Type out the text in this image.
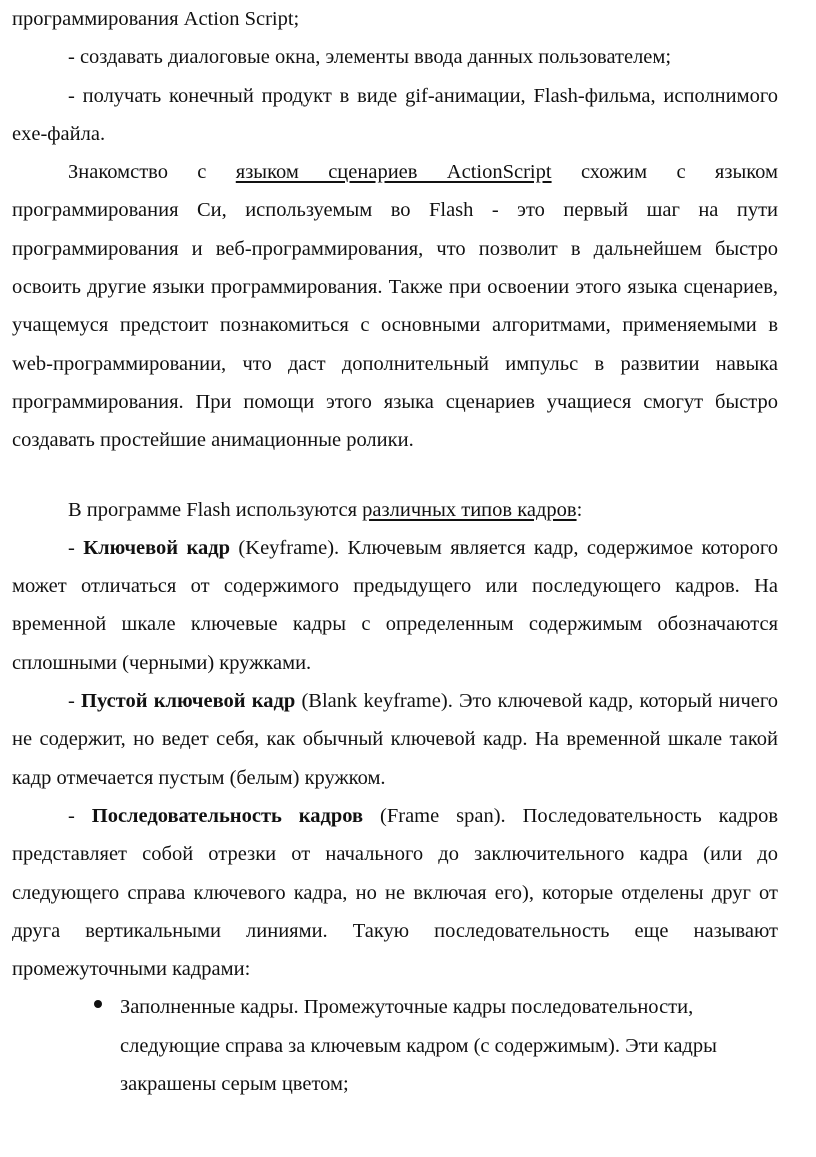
программирования Action Script;

- создавать диалоговые окна, элементы ввода данных пользователем;

- получать конечный продукт в виде gif-анимации, Flash-фильма, исполнимого exe-файла.

Знакомство с языком сценариев ActionScript схожим с языком программирования Си, используемым во Flash - это первый шаг на пути программирования и веб-программирования, что позволит в дальнейшем быстро освоить другие языки программирования. Также при освоении этого языка сценариев, учащемуся предстоит познакомиться с основными алгоритмами, применяемыми в web-программировании, что даст дополнительный импульс в развитии навыка программирования. При помощи этого языка сценариев учащиеся смогут быстро создавать простейшие анимационные ролики.

В программе Flash используются различных типов кадров:

- Ключевой кадр (Keyframe). Ключевым является кадр, содержимое которого может отличаться от содержимого предыдущего или последующего кадров. На временной шкале ключевые кадры с определенным содержимым обозначаются сплошными (черными) кружками.

- Пустой ключевой кадр (Blank keyframe). Это ключевой кадр, который ничего не содержит, но ведет себя, как обычный ключевой кадр. На временной шкале такой кадр отмечается пустым (белым) кружком.

- Последовательность кадров (Frame span). Последовательность кадров представляет собой отрезки от начального до заключительного кадра (или до следующего справа ключевого кадра, но не включая его), которые отделены друг от друга вертикальными линиями. Такую последовательность еще называют промежуточными кадрами:

Заполненные кадры. Промежуточные кадры последовательности, следующие справа за ключевым кадром (с содержимым). Эти кадры закрашены серым цветом;
